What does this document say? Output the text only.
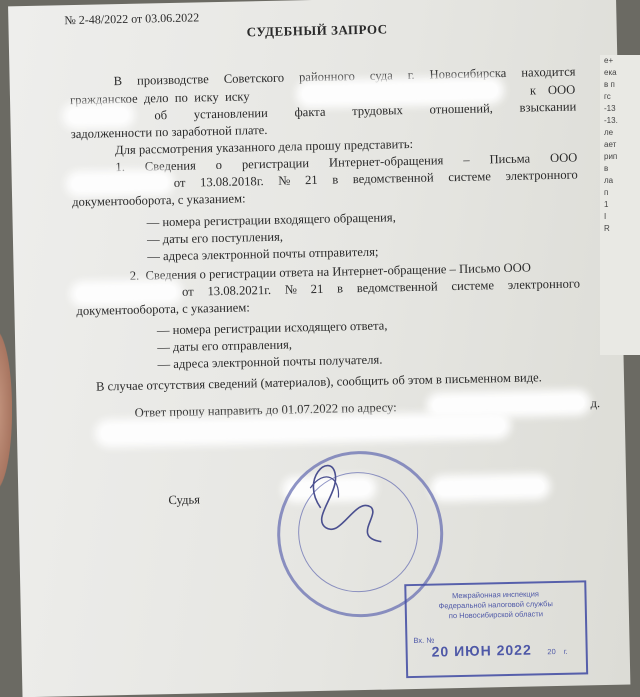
№ 2-48/2022 от 03.06.2022
СУДЕБНЫЙ ЗАПРОС
В производстве Советского районного суда г. Новосибирска находится
гражданское дело по иску иску	к ООО
об установлении факта трудовых отношений, взыскании
задолженности по заработной плате.
Для рассмотрения указанного дела прошу представить:
1. Сведения о регистрации Интернет-обращения – Письма ООО
от 13.08.2018г. № 21 в ведомственной системе электронного
документооборота, с указанием:
— номера регистрации входящего обращения,
— даты его поступления,
— адреса электронной почты отправителя;
2. Сведения о регистрации ответа на Интернет-обращение – Письмо ООО
от 13.08.2021г. № 21 в ведомственной системе электронного
документооборота, с указанием:
— номера регистрации исходящего ответа,
— даты его отправления,
— адреса электронной почты получателя.
В случае отсутствия сведений (материалов), сообщить об этом в письменном виде.
Ответ прошу направить до 01.07.2022 по адресу:	д.
Судья
Межрайонная инспекция
Федеральной налоговой службы
по Новосибирской области
Вх. №
20 ИЮН 2022 20 г.
е+
ека
в п
гс
-13
-13.
ле
ает
рип
в
ла
п
1
I
R
